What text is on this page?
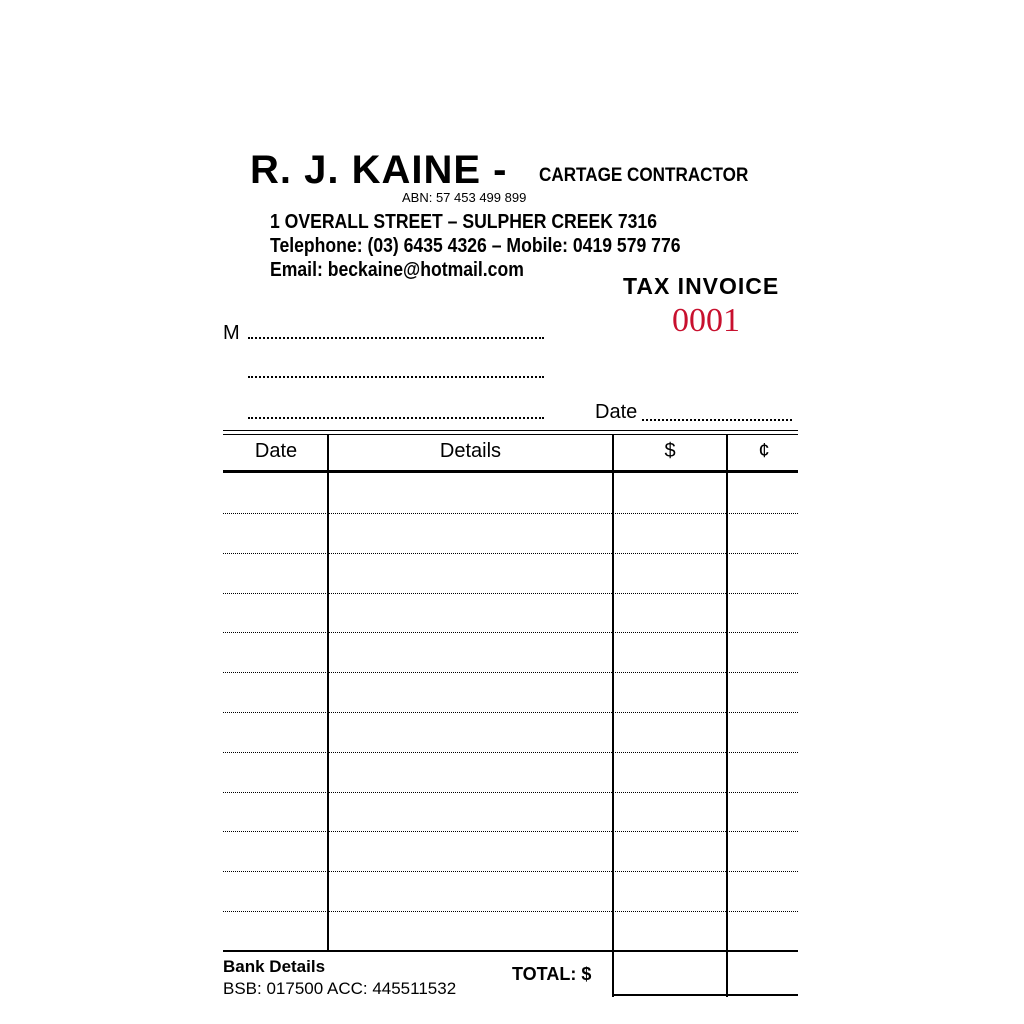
R. J. KAINE - CARTAGE CONTRACTOR
ABN: 57 453 499 899
1 OVERALL STREET – SULPHER CREEK 7316
Telephone: (03) 6435 4326 – Mobile: 0419 579 776
Email: beckaine@hotmail.com
TAX INVOICE
0001
M
Date
Date	Details	$	¢
Bank Details
BSB: 017500 ACC: 445511532
TOTAL: $
